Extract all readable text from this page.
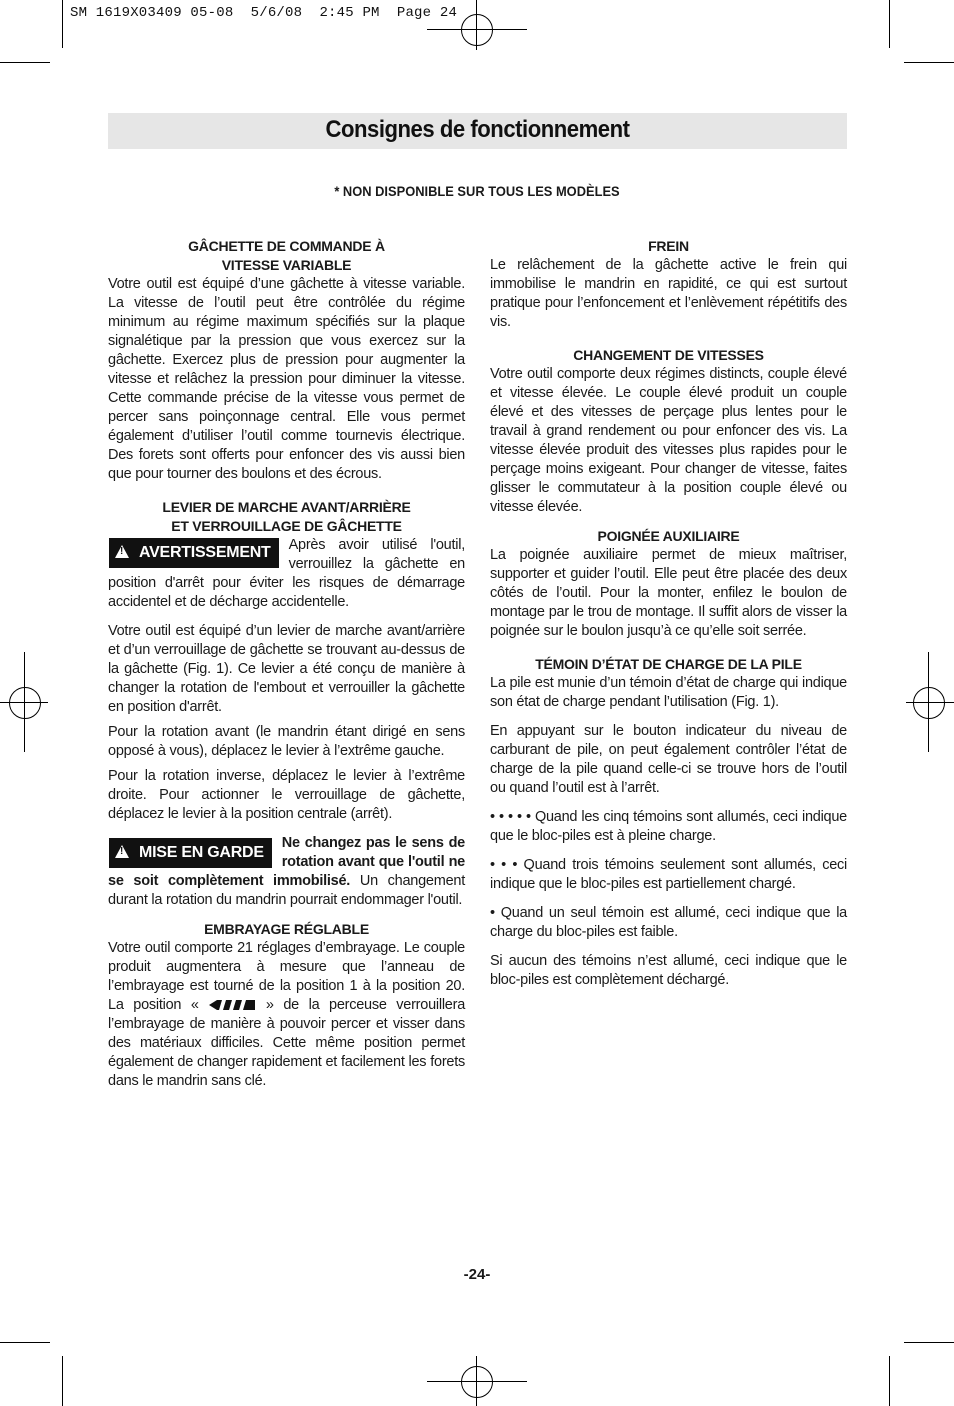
SM 1619X03409 05-08  5/6/08  2:45 PM  Page 24
Consignes de fonctionnement
* NON DISPONIBLE SUR TOUS LES MODÈLES
GÂCHETTE DE COMMANDE À
VITESSE VARIABLE

Votre outil est équipé d’une gâchette à vitesse variable. La vitesse de l’outil peut être contrôlée du régime minimum au régime maximum spécifiés sur la plaque signalétique par la pression que vous exercez sur la gâchette. Exercez plus de pression pour augmenter la vitesse et relâchez la pression pour diminuer la vitesse. Cette commande précise de la vitesse vous permet de percer sans poinçonnage central. Elle vous permet également d’utiliser l’outil comme tournevis électrique. Des forets sont offerts pour enfoncer des vis aussi bien que pour tourner des boulons et des écrous.

LEVIER DE MARCHE AVANT/ARRIÈRE
ET VERROUILLAGE DE GÂCHETTE
!AVERTISSEMENT	Après avoir utilisé l'outil, verrouillez la gâchette en position d'arrêt pour éviter les risques de démarrage accidentel et de décharge accidentelle.

Votre outil est équipé d’un levier de marche avant/arrière et d’un verrouillage de gâchette se trouvant au-dessus de la gâchette (Fig. 1). Ce levier a été conçu de manière à changer la rotation de l'embout et verrouiller la gâchette en position d'arrêt.

Pour la rotation avant (le mandrin étant dirigé en sens opposé à vous), déplacez le levier à l’extrême gauche.

Pour la rotation inverse, déplacez le levier à l’extrême droite. Pour actionner le verrouillage de gâchette, déplacez le levier à la position centrale (arrêt).

!MISE EN GARDE

Ne changez pas le sens de rotation avant que l'outil ne se soit complètement immobilisé. Un changement durant la rotation du mandrin pourrait endommager l'outil.

EMBRAYAGE RÉGLABLE

Votre outil comporte 21 réglages d’embrayage. Le couple produit augmentera à mesure que l’anneau de l’embrayage est tourné de la position 1 à la position 20. La position «	» de la perceuse verrouillera l’embrayage de manière à pouvoir percer et visser dans des matériaux difficiles. Cette même position permet également de changer rapidement et facilement les forets dans le mandrin sans clé.

FREIN

Le relâchement de la gâchette active le frein qui immobilise le mandrin en rapidité, ce qui est surtout pratique pour l’enfoncement et l’enlèvement répétitifs des vis.

CHANGEMENT DE VITESSES

Votre outil comporte deux régimes distincts, couple élevé et vitesse élevée. Le couple élevé produit un couple élevé et des vitesses de perçage plus lentes pour le travail à grand rendement ou pour enfoncer des vis. La vitesse élevée produit des vitesses plus rapides pour le perçage moins exigeant. Pour changer de vitesse, faites glisser le commutateur à la position couple élevé ou vitesse élevée.

POIGNÉE AUXILIAIRE

La poignée auxiliaire permet de mieux maîtriser, supporter et guider l’outil. Elle peut être placée des deux côtés de l’outil. Pour la monter, enfilez le boulon de montage par le trou de montage. Il suffit alors de visser la poignée sur le boulon jusqu’à ce qu’elle soit serrée.

TÉMOIN D’ÉTAT DE CHARGE DE LA PILE

La pile est munie d’un témoin d’état de charge qui indique son état de charge pendant l’utilisation (Fig. 1).

En appuyant sur le bouton indicateur du niveau de carburant de pile, on peut également contrôler l’état de charge de la pile quand celle-ci se trouve hors de l’outil ou quand l’outil est à l’arrêt.

• • • • • Quand les cinq témoins sont allumés, ceci indique que le bloc-piles est à pleine charge.

• • • Quand trois témoins seulement sont allumés, ceci indique que le bloc-piles est partiellement chargé.

• Quand un seul témoin est allumé, ceci indique que la charge du bloc-piles est faible.

Si aucun des témoins n’est allumé, ceci indique que le bloc-piles est complètement déchargé.

-24-
